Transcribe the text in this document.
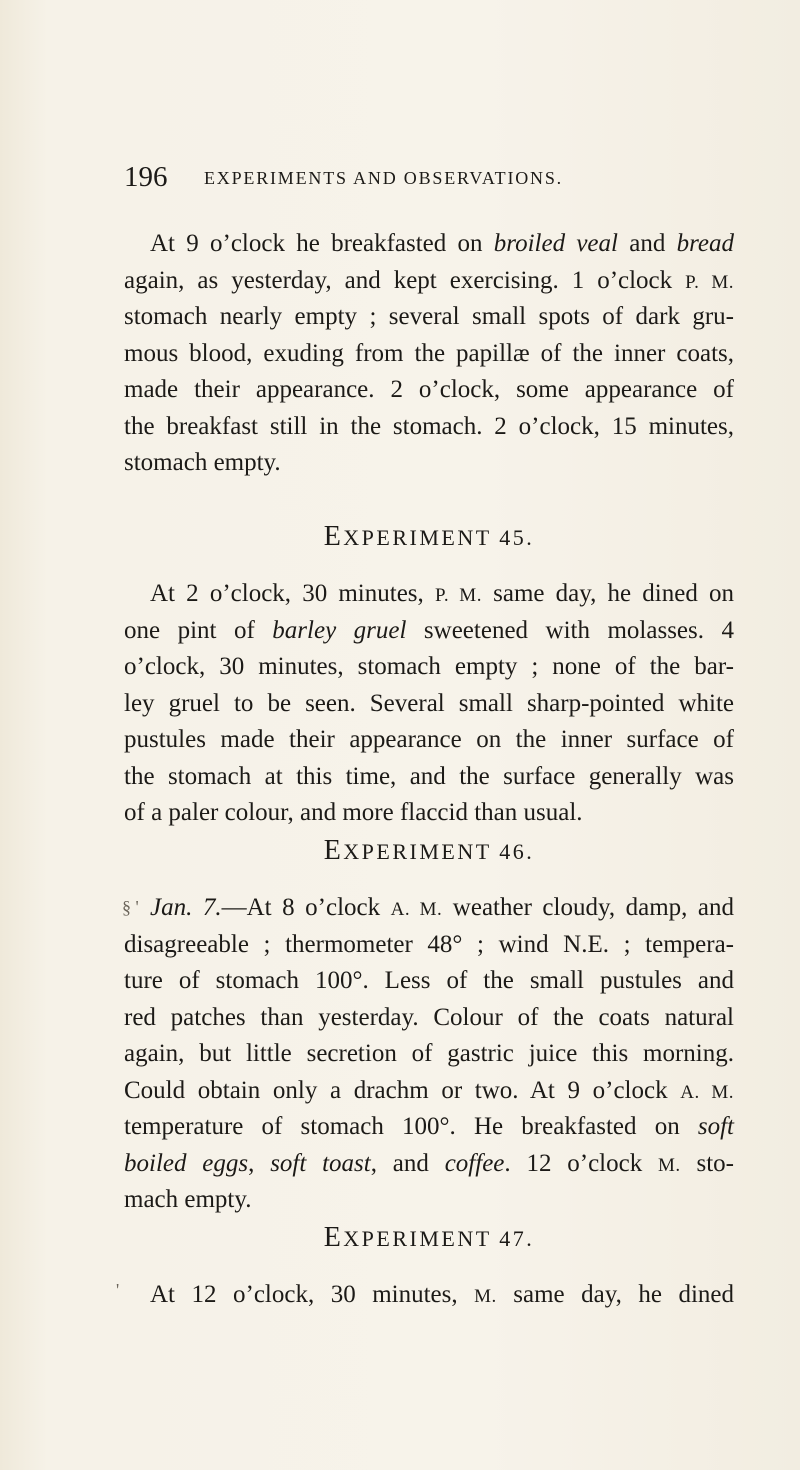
196 EXPERIMENTS AND OBSERVATIONS.
At 9 o’clock he breakfasted on broiled veal and bread
again, as yesterday, and kept exercising. 1 o’clock P. M.
stomach nearly empty ; several small spots of dark gru-
mous blood, exuding from the papillæ of the inner coats,
made their appearance. 2 o’clock, some appearance of
the breakfast still in the stomach. 2 o’clock, 15 minutes,
stomach empty.
EXPERIMENT 45.
At 2 o’clock, 30 minutes, P. M. same day, he dined on
one pint of barley gruel sweetened with molasses. 4
o’clock, 30 minutes, stomach empty ; none of the bar-
ley gruel to be seen. Several small sharp-pointed white
pustules made their appearance on the inner surface of
the stomach at this time, and the surface generally was
of a paler colour, and more flaccid than usual.
EXPERIMENT 46.
§ ' Jan. 7.—At 8 o’clock A. M. weather cloudy, damp, and
disagreeable ; thermometer 48° ; wind N.E. ; tempera-
ture of stomach 100°. Less of the small pustules and
red patches than yesterday. Colour of the coats natural
again, but little secretion of gastric juice this morning.
Could obtain only a drachm or two. At 9 o’clock A. M.
temperature of stomach 100°. He breakfasted on soft
boiled eggs, soft toast, and coffee. 12 o’clock M. sto-
mach empty.
EXPERIMENT 47.
'	At 12 o’clock, 30 minutes, M. same day, he dined
